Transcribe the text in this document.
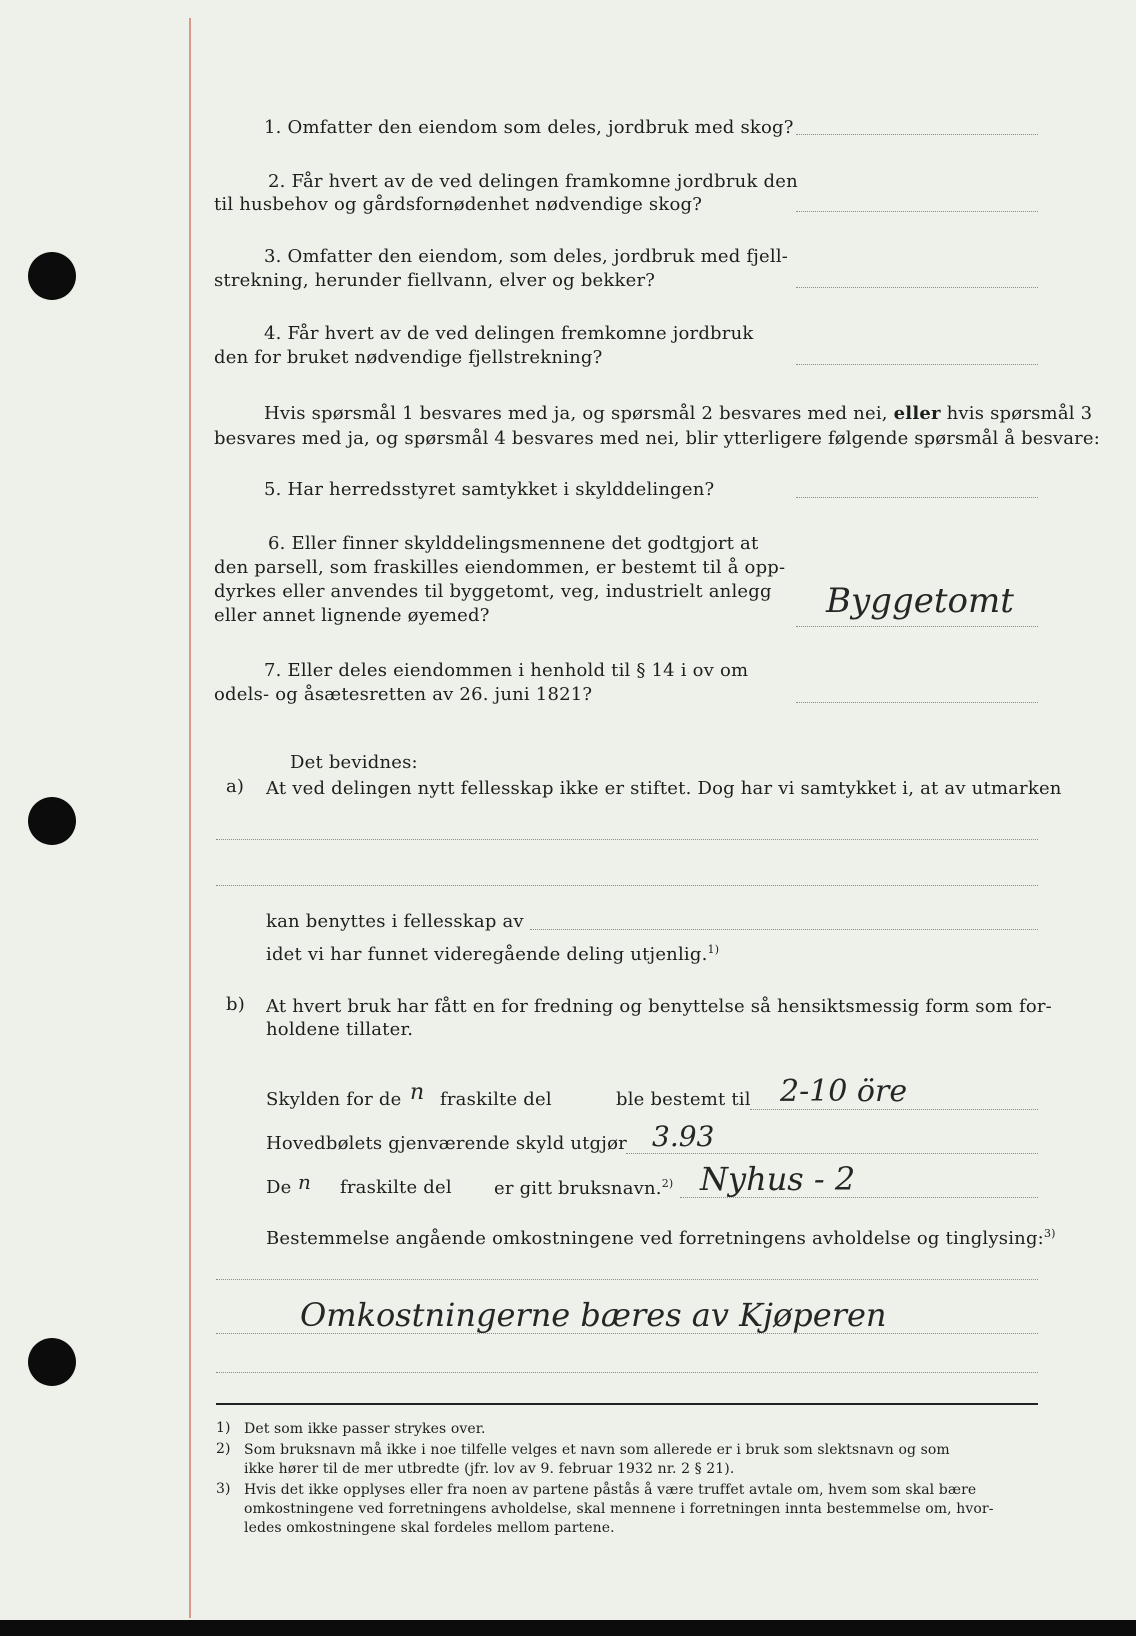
1. Omfatter den eiendom som deles, jordbruk med skog?
2. Får hvert av de ved delingen framkomne jordbruk den
til husbehov og gårdsfornødenhet nødvendige skog?
3. Omfatter den eiendom, som deles, jordbruk med fjell-
strekning, herunder fiellvann, elver og bekker?
4. Får hvert av de ved delingen fremkomne jordbruk
den for bruket nødvendige fjellstrekning?
Hvis spørsmål 1 besvares med ja, og spørsmål 2 besvares med nei, eller hvis spørsmål 3
besvares med ja, og spørsmål 4 besvares med nei, blir ytterligere følgende spørsmål å besvare:
5. Har herredsstyret samtykket i skylddelingen?
6. Eller finner skylddelingsmennene det godtgjort at
den parsell, som fraskilles eiendommen, er bestemt til å opp-
dyrkes eller anvendes til byggetomt, veg, industrielt anlegg
eller annet lignende øyemed?	Byggetomt
7. Eller deles eiendommen i henhold til § 14 i ov om
odels- og åsætesretten av 26. juni 1821?
Det bevidnes:
a) At ved delingen nytt fellesskap ikke er stiftet. Dog har vi samtykket i, at av utmarken
kan benyttes i fellesskap av
idet vi har funnet videregående deling utjenlig.$^{1)}$
b) At hvert bruk har fått en for fredning og benyttelse så hensiktsmessig form som for-
holdene tillater.
Skylden for de n fraskilte del	ble bestemt til 2-10 öre
Hovedbølets gjenværende skyld utgjør 3.93
De n fraskilte del er gitt bruksnavn.$^{2)}$ Nyhus - 2
Bestemmelse angående omkostningene ved forretningens avholdelse og tinglysing:$^{3)}$
Omkostningerne bæres av Kjøperen
1) Det som ikke passer strykes over.
2) Som bruksnavn må ikke i noe tilfelle velges et navn som allerede er i bruk som slektsnavn og som
ikke hører til de mer utbredte (jfr. lov av 9. februar 1932 nr. 2 § 21).
3) Hvis det ikke opplyses eller fra noen av partene påstås å være truffet avtale om, hvem som skal bære
omkostningene ved forretningens avholdelse, skal mennene i forretningen innta bestemmelse om, hvor-
ledes omkostningene skal fordeles mellom partene.
